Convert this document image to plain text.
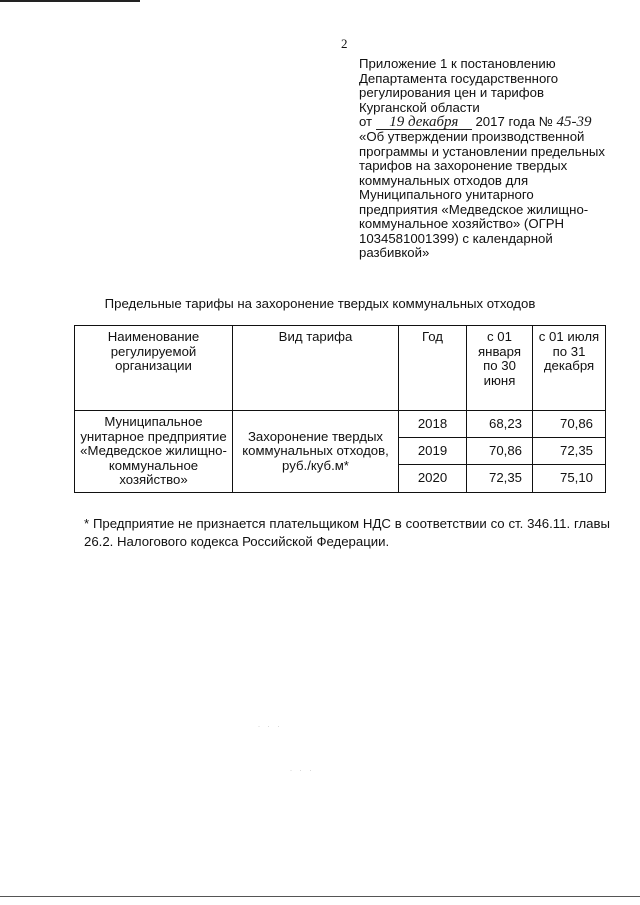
2
Приложение 1 к постановлению
Департамента государственного
регулирования цен и тарифов
Курганской области
от 19 декабря 2017 года № 45-39
«Об утверждении производственной
программы и установлении предельных
тарифов на захоронение твердых
коммунальных отходов для
Муниципального унитарного
предприятия «Медведское жилищно-
коммунальное хозяйство» (ОГРН
1034581001399) с календарной
разбивкой»
Предельные тарифы на захоронение твердых коммунальных отходов
Наименование регулируемой организации	Вид тарифа	Год	с 01 января по 30 июня	с 01 июля по 31 декабря

Муниципальное унитарное предприятие «Медведское жилищно-коммунальное хозяйство»	Захоронение твердых коммунальных отходов, руб./куб.м*	2018	68,23	70,86

		2019	70,86	72,35

		2020	72,35	75,10
* Предприятие не признается плательщиком НДС в соответствии со ст. 346.11. главы 26.2. Налогового кодекса Российской Федерации.
· · ·
· · ·
